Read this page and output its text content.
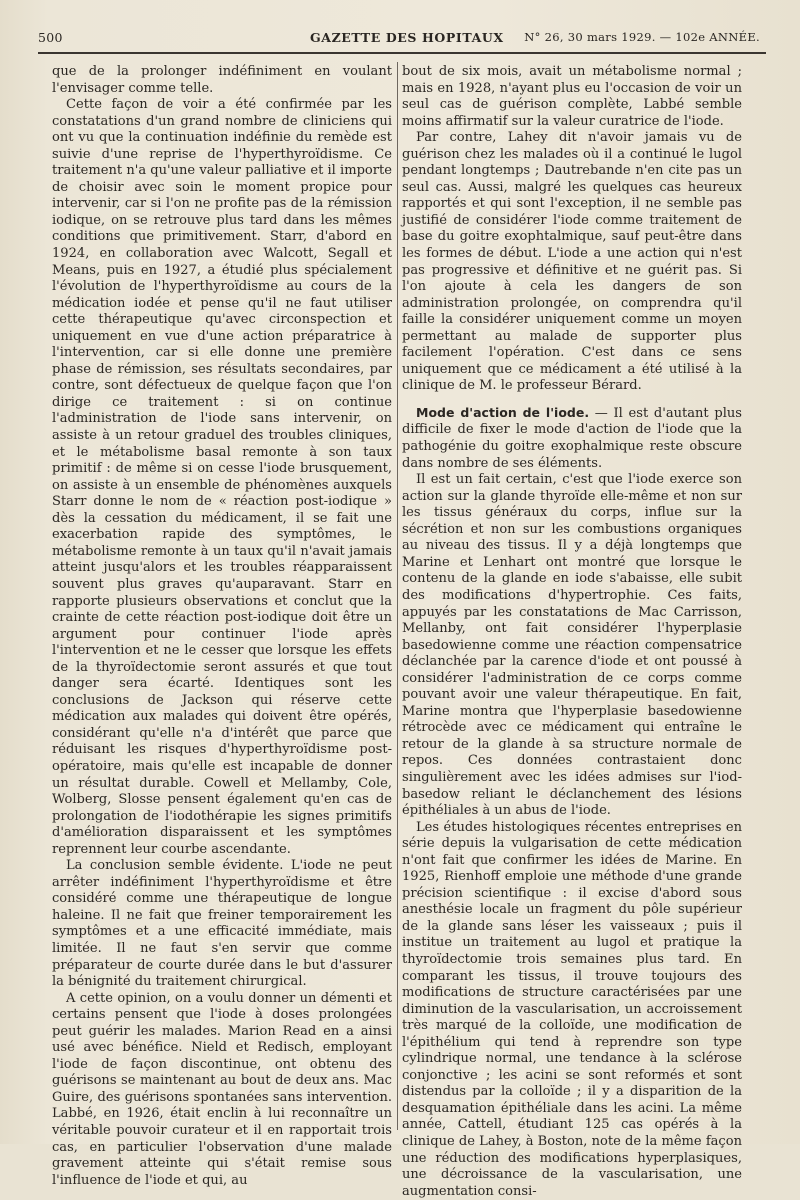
500	GAZETTE DES HOPITAUX N° 26, 30 mars 1929. — 102e ANNÉE.

que de la prolonger indéfiniment en voulant l'envisager comme telle.

Cette façon de voir a été confirmée par les constatations d'un grand nombre de cliniciens qui ont vu que la continuation indéfinie du remède est suivie d'une reprise de l'hyperthyroïdisme. Ce traitement n'a qu'une valeur palliative et il importe de choisir avec soin le moment propice pour intervenir, car si l'on ne profite pas de la rémission iodique, on se retrouve plus tard dans les mêmes conditions que primitivement. Starr, d'abord en 1924, en collaboration avec Walcott, Segall et Means, puis en 1927, a étudié plus spécialement l'évolution de l'hyperthyroïdisme au cours de la médication iodée et pense qu'il ne faut utiliser cette thérapeutique qu'avec circonspection et uniquement en vue d'une action préparatrice à l'intervention, car si elle donne une première phase de rémission, ses résultats secondaires, par contre, sont défectueux de quelque façon que l'on dirige ce traitement : si on continue l'administration de l'iode sans intervenir, on assiste à un retour graduel des troubles cliniques, et le métabolisme basal remonte à son taux primitif : de même si on cesse l'iode brusquement, on assiste à un ensemble de phénomènes auxquels Starr donne le nom de « réaction post-iodique » dès la cessation du médicament, il se fait une exacerbation rapide des symptômes, le métabolisme remonte à un taux qu'il n'avait jamais atteint jusqu'alors et les troubles réapparaissent souvent plus graves qu'auparavant. Starr en rapporte plusieurs observations et conclut que la crainte de cette réaction post-iodique doit être un argument pour continuer l'iode après l'intervention et ne le cesser que lorsque les effets de la thyroïdectomie seront assurés et que tout danger sera écarté. Identiques sont les conclusions de Jackson qui réserve cette médication aux malades qui doivent être opérés, considérant qu'elle n'a d'intérêt que parce que réduisant les risques d'hyperthyroïdisme post-opératoire, mais qu'elle est incapable de donner un résultat durable. Cowell et Mellamby, Cole, Wolberg, Slosse pensent également qu'en cas de prolongation de l'iodothérapie les signes primitifs d'amélioration disparaissent et les symptômes reprennent leur courbe ascendante.

La conclusion semble évidente. L'iode ne peut arrêter indéfiniment l'hyperthyroïdisme et être considéré comme une thérapeutique de longue haleine. Il ne fait que freiner temporairement les symptômes et a une efficacité immédiate, mais limitée. Il ne faut s'en servir que comme préparateur de courte durée dans le but d'assurer la bénignité du traitement chirurgical.

A cette opinion, on a voulu donner un démenti et certains pensent que l'iode à doses prolongées peut guérir les malades. Marion Read en a ainsi usé avec bénéfice. Nield et Redisch, employant l'iode de façon discontinue, ont obtenu des guérisons se maintenant au bout de deux ans. Mac Guire, des guérisons spontanées sans intervention. Labbé, en 1926, était enclin à lui reconnaître un véritable pouvoir curateur et il en rapportait trois cas, en particulier l'observation d'une malade gravement atteinte qui s'était remise sous l'influence de l'iode et qui, au

bout de six mois, avait un métabolisme normal ; mais en 1928, n'ayant plus eu l'occasion de voir un seul cas de guérison complète, Labbé semble moins affirmatif sur la valeur curatrice de l'iode.

Par contre, Lahey dit n'avoir jamais vu de guérison chez les malades où il a continué le lugol pendant longtemps ; Dautrebande n'en cite pas un seul cas. Aussi, malgré les quelques cas heureux rapportés et qui sont l'exception, il ne semble pas justifié de considérer l'iode comme traitement de base du goitre exophtalmique, sauf peut-être dans les formes de début. L'iode a une action qui n'est pas progressive et définitive et ne guérit pas. Si l'on ajoute à cela les dangers de son administration prolongée, on comprendra qu'il faille la considérer uniquement comme un moyen permettant au malade de supporter plus facilement l'opération. C'est dans ce sens uniquement que ce médicament a été utilisé à la clinique de M. le professeur Bérard.

Mode d'action de l'iode. — Il est d'autant plus difficile de fixer le mode d'action de l'iode que la pathogénie du goitre exophalmique reste obscure dans nombre de ses éléments.

Il est un fait certain, c'est que l'iode exerce son action sur la glande thyroïde elle-même et non sur les tissus généraux du corps, influe sur la sécrétion et non sur les combustions organiques au niveau des tissus. Il y a déjà longtemps que Marine et Lenhart ont montré que lorsque le contenu de la glande en iode s'abaisse, elle subit des modifications d'hypertrophie. Ces faits, appuyés par les constatations de Mac Carrisson, Mellanby, ont fait considérer l'hyperplasie basedowienne comme une réaction compensatrice déclanchée par la carence d'iode et ont poussé à considérer l'administration de ce corps comme pouvant avoir une valeur thérapeutique. En fait, Marine montra que l'hyperplasie basedowienne rétrocède avec ce médicament qui entraîne le retour de la glande à sa structure normale de repos. Ces données contrastaient donc singulièrement avec les idées admises sur l'iod-basedow reliant le déclanchement des lésions épithéliales à un abus de l'iode.

Les études histologiques récentes entreprises en série depuis la vulgarisation de cette médication n'ont fait que confirmer les idées de Marine. En 1925, Rienhoff emploie une méthode d'une grande précision scientifique : il excise d'abord sous anesthésie locale un fragment du pôle supérieur de la glande sans léser les vaisseaux ; puis il institue un traitement au lugol et pratique la thyroïdectomie trois semaines plus tard. En comparant les tissus, il trouve toujours des modifications de structure caractérisées par une diminution de la vascularisation, un accroissement très marqué de la colloïde, une modification de l'épithélium qui tend à reprendre son type cylindrique normal, une tendance à la sclérose conjonctive ; les acini se sont reformés et sont distendus par la colloïde ; il y a disparition de la desquamation épithéliale dans les acini. La même année, Cattell, étudiant 125 cas opérés à la clinique de Lahey, à Boston, note de la même façon une réduction des modifications hyperplasiques, une décroissance de la vascularisation, une augmentation consi-
